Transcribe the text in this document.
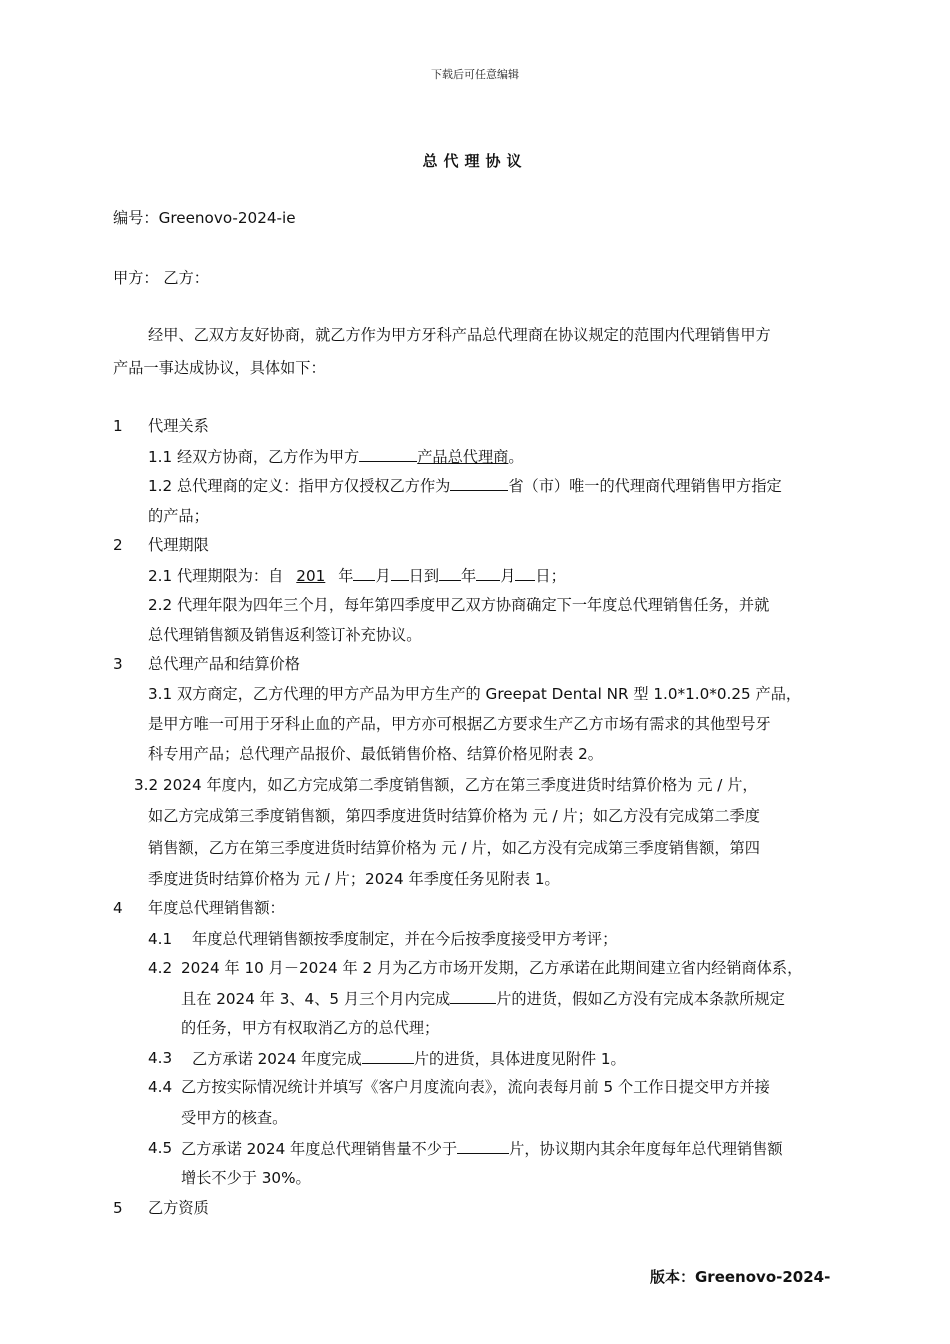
下载后可任意编辑
总代理协议
编号：Greenovo-2024-ie
甲方： 乙方：
经甲、乙双方友好协商，就乙方作为甲方牙科产品总代理商在协议规定的范围内代理销售甲方
产品一事达成协议，具体如下：
1 代理关系
1.1 经双方协商，乙方作为甲方	产品总代理商。
1.2 总代理商的定义：指甲方仅授权乙方作为	省（市）唯一的代理商代理销售甲方指定
的产品；
2 代理期限
2.1 代理期限为：自 201 年 月 日到 年 月 日；
2.2 代理年限为四年三个月，每年第四季度甲乙双方协商确定下一年度总代理销售任务，并就
总代理销售额及销售返利签订补充协议。
3 总代理产品和结算价格
3.1 双方商定，乙方代理的甲方产品为甲方生产的 Greepat Dental NR 型 1.0*1.0*0.25 产品，
是甲方唯一可用于牙科止血的产品，甲方亦可根据乙方要求生产乙方市场有需求的其他型号牙
科专用产品；总代理产品报价、最低销售价格、结算价格见附表 2。
3.2 2024 年度内，如乙方完成第二季度销售额，乙方在第三季度进货时结算价格为 元 / 片，
如乙方完成第三季度销售额，第四季度进货时结算价格为 元 / 片；如乙方没有完成第二季度
销售额，乙方在第三季度进货时结算价格为 元 / 片，如乙方没有完成第三季度销售额，第四
季度进货时结算价格为 元 / 片；2024 年季度任务见附表 1。
4 年度总代理销售额：
4.1 年度总代理销售额按季度制定，并在今后按季度接受甲方考评；
4.2 2024 年 10 月－2024 年 2 月为乙方市场开发期，乙方承诺在此期间建立省内经销商体系，
且在 2024 年 3、4、5 月三个月内完成	片的进货，假如乙方没有完成本条款所规定
的任务，甲方有权取消乙方的总代理；
4.3 乙方承诺 2024 年度完成	片的进货，具体进度见附件 1。
4.4 乙方按实际情况统计并填写《客户月度流向表》，流向表每月前 5 个工作日提交甲方并接
受甲方的核查。
4.5 乙方承诺 2024 年度总代理销售量不少于	片，协议期内其余年度每年总代理销售额
增长不少于 30%。
5 乙方资质
版本：Greenovo-2024-
